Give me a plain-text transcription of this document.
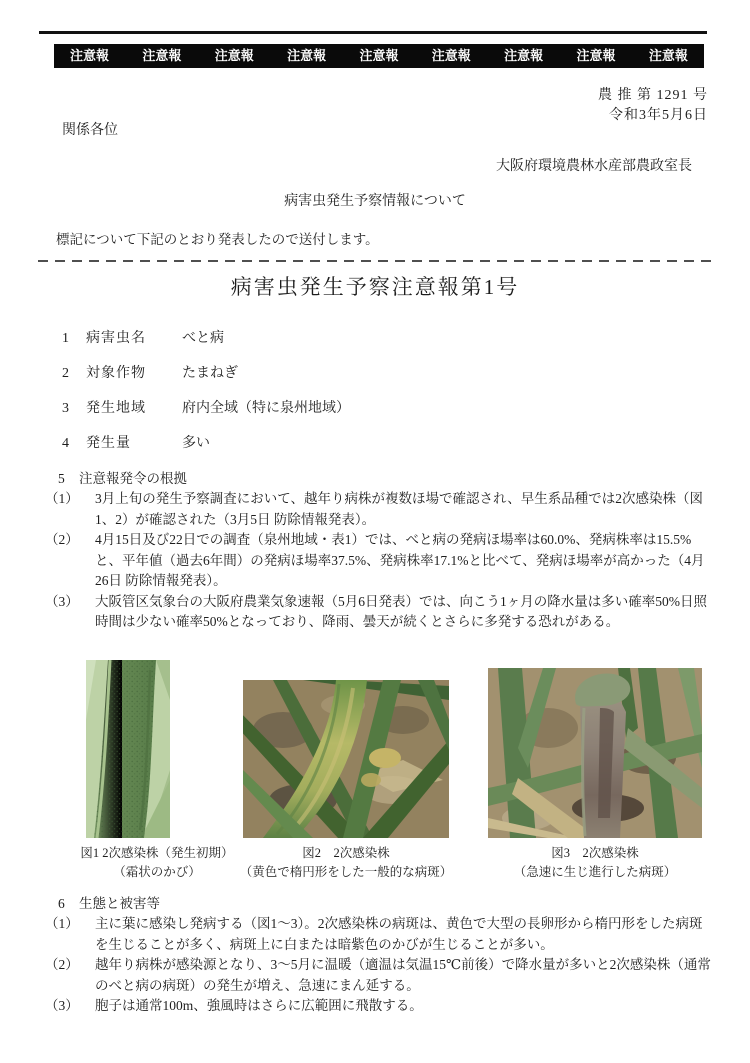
注意報	注意報	注意報	注意報	注意報	注意報	注意報	注意報	注意報
農 推 第 1291 号
令和3年5月6日
関係各位
大阪府環境農林水産部農政室長
病害虫発生予察情報について
標記について下記のとおり発表したので送付します。
病害虫発生予察注意報第1号
1	病害虫名	べと病
2	対象作物	たまねぎ
3	発生地域	府内全域（特に泉州地域）
4	発生量	多い
5	注意報発令の根拠
（1）	3月上旬の発生予察調査において、越年り病株が複数ほ場で確認され、早生系品種では2次感染株（図1、2）が確認された（3月5日 防除情報発表）。
（2）	4月15日及び22日での調査（泉州地域・表1）では、べと病の発病ほ場率は60.0%、発病株率は15.5%と、平年値（過去6年間）の発病ほ場率37.5%、発病株率17.1%と比べて、発病ほ場率が高かった（4月26日 防除情報発表）。
（3）	大阪管区気象台の大阪府農業気象速報（5月6日発表）では、向こう1ヶ月の降水量は多い確率50%日照時間は少ない確率50%となっており、降雨、曇天が続くとさらに多発する恐れがある。
図1 2次感染株（発生初期）
（霜状のかび）
図2　2次感染株
（黄色で楕円形をした一般的な病斑）
図3　2次感染株
（急速に生じ進行した病斑）
6	生態と被害等
（1）	主に葉に感染し発病する（図1～3）。2次感染株の病斑は、黄色で大型の長卵形から楕円形をした病斑を生じることが多く、病斑上に白または暗紫色のかびが生じることが多い。
（2）	越年り病株が感染源となり、3～5月に温暖（適温は気温15℃前後）で降水量が多いと2次感染株（通常のべと病の病斑）の発生が増え、急速にまん延する。
（3）	胞子は通常100m、強風時はさらに広範囲に飛散する。
